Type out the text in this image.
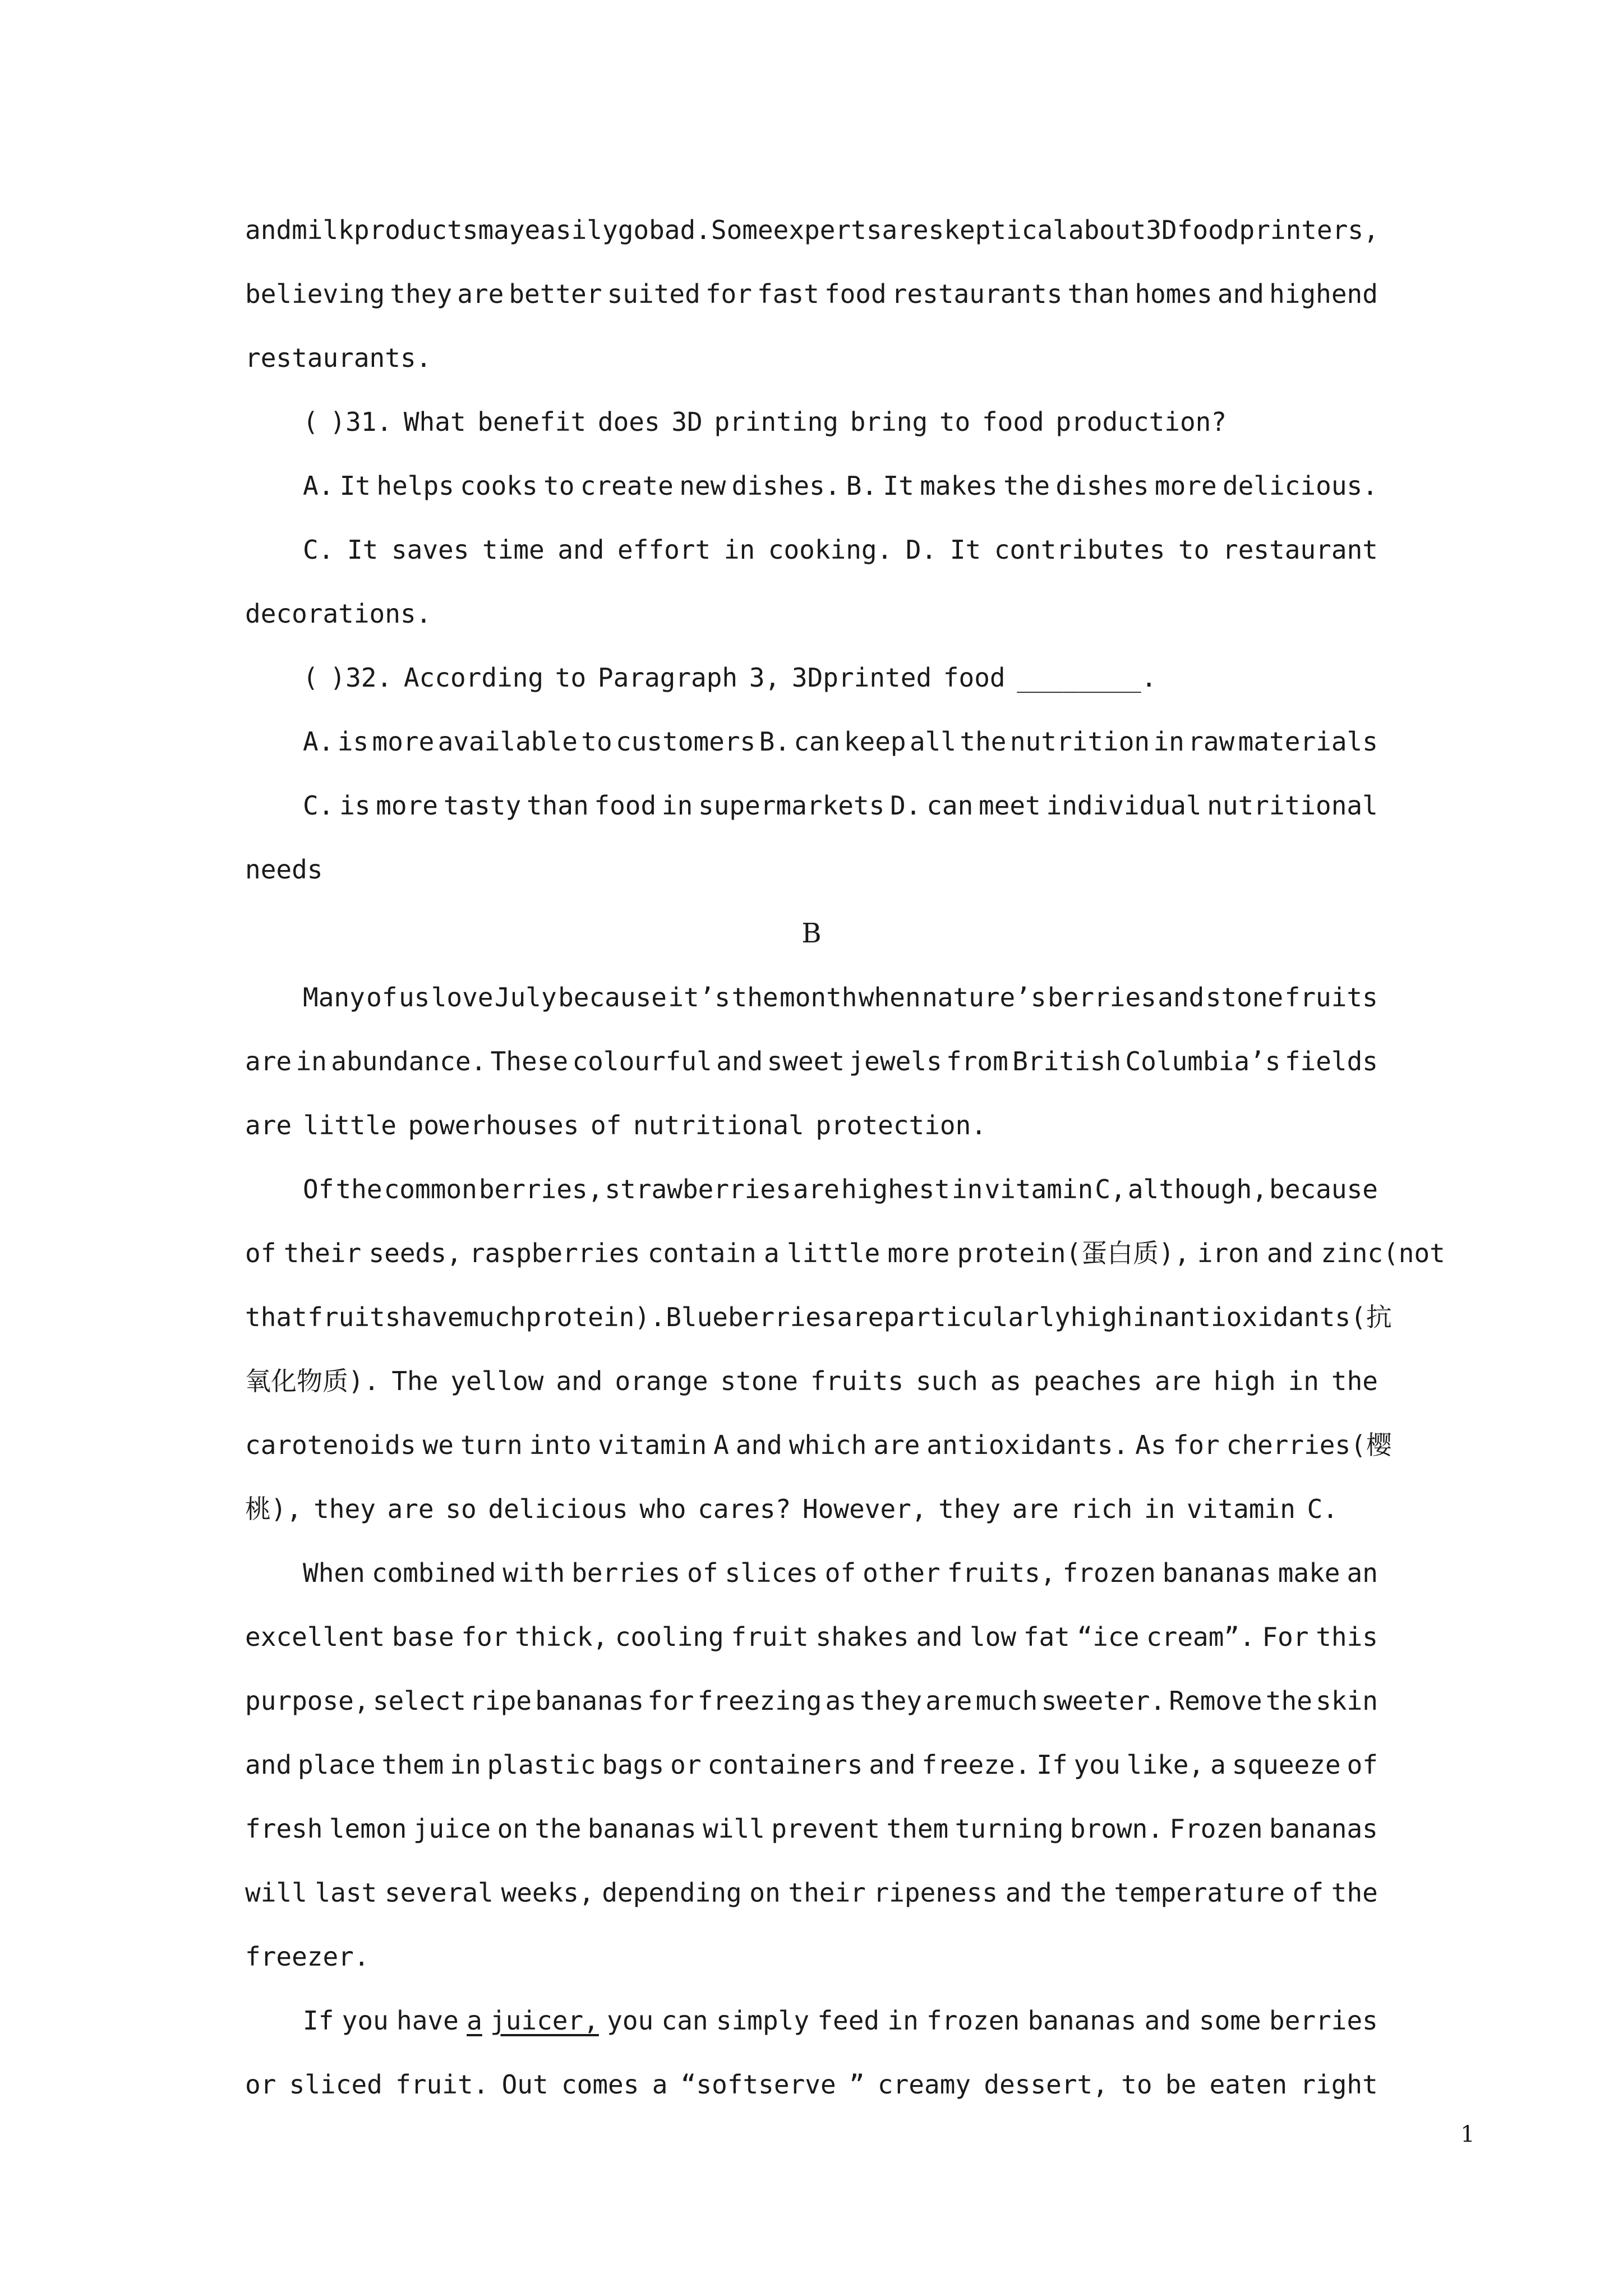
and milk products may easily go bad. Some experts are skeptical about 3D food printers,
believing they are better suited for fast food restaurants than homes and highend
restaurants.
( )31. What benefit does 3D printing bring to food production?
A. It helps cooks to create new dishes. B. It makes the dishes more delicious.
C. It saves time and effort in cooking. D. It contributes to restaurant
decorations.
( )32. According to Paragraph 3, 3Dprinted food ________.
A. is more available to customers B. can keep all the nutrition in raw materials
C. is more tasty than food in supermarkets D. can meet individual nutritional
needs
B
Many of us love July because it’s the month when nature’s berries and stone fruits
are in abundance. These colourful and sweet jewels from British Columbia’s fields
are little powerhouses of nutritional protection.
Of the common berries, strawberries are highest in vitamin C, although, because
of their seeds, raspberries contain a little more protein(蛋白质), iron and zinc(not
that fruits have much protein). Blueberries are particularly high in antioxidants(抗
氧化物质). The yellow and orange stone fruits such as peaches are high in the
carotenoids we turn into vitamin A and which are antioxidants. As for cherries(樱
桃), they are so delicious who cares? However, they are rich in vitamin C.
When combined with berries of slices of other fruits, frozen bananas make an
excellent base for thick, cooling fruit shakes and low fat “ice cream”. For this
purpose, select ripe bananas for freezing as they are much sweeter. Remove the skin
and place them in plastic bags or containers and freeze. If you like, a squeeze of
fresh lemon juice on the bananas will prevent them turning brown. Frozen bananas
will last several weeks, depending on their ripeness and the temperature of the
freezer.
If you have a juicer, you can simply feed in frozen bananas and some berries
or sliced fruit. Out comes a “softserve ” creamy dessert, to be eaten right
1
